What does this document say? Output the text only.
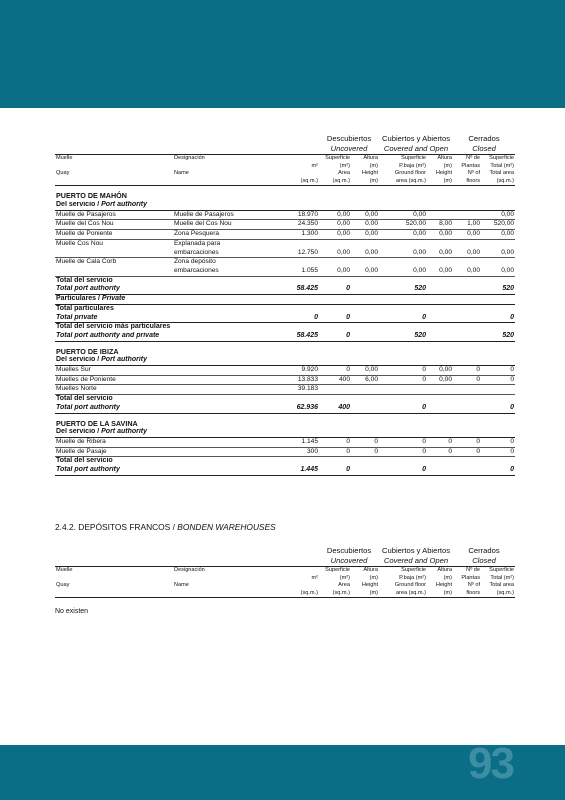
			Descubiertos		Cubiertos y Abiertos		Cerrados	
			Uncovered		Covered and Open		Closed	
Muelle	Designación		Superficie	Altura	Superficie	Altura	Nº de	Superficie
		m²	(m²)	(m)	P.baja (m²)	(m)	Plantas	Total (m²)
Quay	Name		Area	Height	Ground floor	Height	Nº of	Total area
		(sq.m.)	(sq.m.)	(m)	area (sq.m.)	(m)	floors	(sq.m.)
PUERTO DE MAHÓN								
Del servicio / Port authority								
Muelle de Pasajeros	Muelle de Pasajeros	18.970	0,00	0,00	0,00			0,00
Muelle del Cos Nou	Muelle del Cos Nou	24.350	0,00	0,00	520,00	8,00	1,00	520,00
Muelle de Poniente	Zona Pesquera	1.300	0,00	0,00	0,00	0,00	0,00	0,00
Muelle Cos Nou	Explanada para							
	embarcaciones	12.750	0,00	0,00	0,00	0,00	0,00	0,00
Muelle de Cala Corb	Zona depósito							
	embarcaciones	1.055	0,00	0,00	0,00	0,00	0,00	0,00
Total del servicio								
Total port authority		58.425	0		520			520
Particulares / Private								
Total particulares								
Total private		0	0		0			0
Total del servicio más particulares								
Total port authority and private		58.425	0		520			520
PUERTO DE IBIZA								
Del servicio / Port authority								
Muelles Sur		9.920	0	0,00	0	0,00	0	0
Muelles de Poniente		13.833	400	6,00	0	0,00	0	0
Muelles Norte		39.183						
Total del servicio								
Total port authority		62.936	400		0			0
PUERTO DE LA SAVINA								
Del servicio / Port authority								
Muelle de Ribera		1.145	0	0	0	0	0	0
Muelle de Pasaje		300	0	0	0	0	0	0
Total del servicio								
Total port authority		1.445	0		0			0
2.4.2. DEPÓSITOS FRANCOS / BONDEN WAREHOUSES
			Descubiertos		Cubiertos y Abiertos		Cerrados	
			Uncovered		Covered and Open		Closed	
Muelle	Designación		Superficie	Altura	Superficie	Altura	Nº de	Superficie
		m²	(m²)	(m)	P.baja (m²)	(m)	Plantas	Total (m²)
Quay	Name		Area	Height	Ground floor	Height	Nº of	Total area
		(sq.m.)	(sq.m.)	(m)	area (sq.m.)	(m)	floors	(sq.m.)
No existen
93
